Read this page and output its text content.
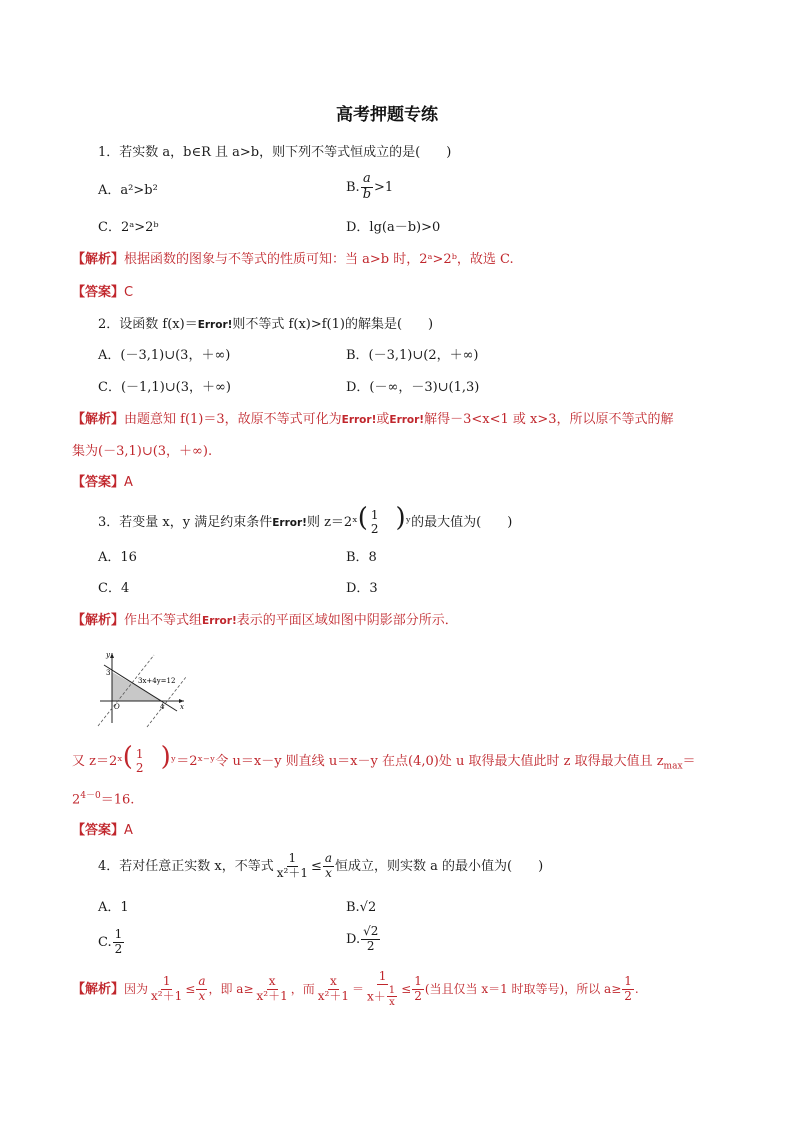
高考押题专练
1．若实数 a，b∈R 且 a>b，则下列不等式恒成立的是( )
A．a²>b²	B. $\frac{a}{b} >1$
C．2ᵃ>2ᵇ	D．lg(a－b)>0
【解析】根据函数的图象与不等式的性质可知：当 a>b 时，2ᵃ>2ᵇ，故选 C.
【答案】C
2．设函数 f(x)＝Error!则不等式 f(x)>f(1)的解集是( )
A．(－3,1)∪(3，＋∞)	B．(－3,1)∪(2，＋∞)
C．(－1,1)∪(3，＋∞)	D．(－∞，－3)∪(1,3)
【解析】由题意知 f(1)＝3，故原不等式可化为Error!或Error!解得－3<x<1 或 x>3，所以原不等式的解
集为(－3,1)∪(3，＋∞).
【答案】A
3．若变量 x，y 满足约束条件Error!则 z＝2ˣ( 1
2 )ʸ的最大值为( )
A．16	B．8
C．4	D．3
【解析】作出不等式组Error!表示的平面区域如图中阴影部分所示．
y
x
3
4
O
3x+4y=12
又 z＝2ˣ( 1
2 )ʸ＝2ˣ⁻ʸ令 u＝x－y 则直线 u＝x－y 在点(4,0)处 u 取得最大值此时 z 取得最大值且 $z_{max}=$
$2^{4-0}=16$.
【答案】A
4．若对任意正实数 x，不等式 $\frac{1}{\text{x²＋1}} \le \frac{a}{x}$ 恒成立，则实数 a 的最小值为( )
A．1	B.√2
C. $\frac{1}{2}$	D. $\frac{√2}{2}$
【解析】因为 $\frac{1}{\text{x²＋1}} \le \frac{a}{x}$ ，即 $a\ge \frac{x}{\text{x²＋1}}$ ，而 $\frac{x}{\text{x²＋1}} = \frac{1}{x+ \frac{1}{x}} \le \frac{1}{2}$ (当且仅当 x＝1 时取等号)，所以 $a\ge \frac{1}{2}$ .
